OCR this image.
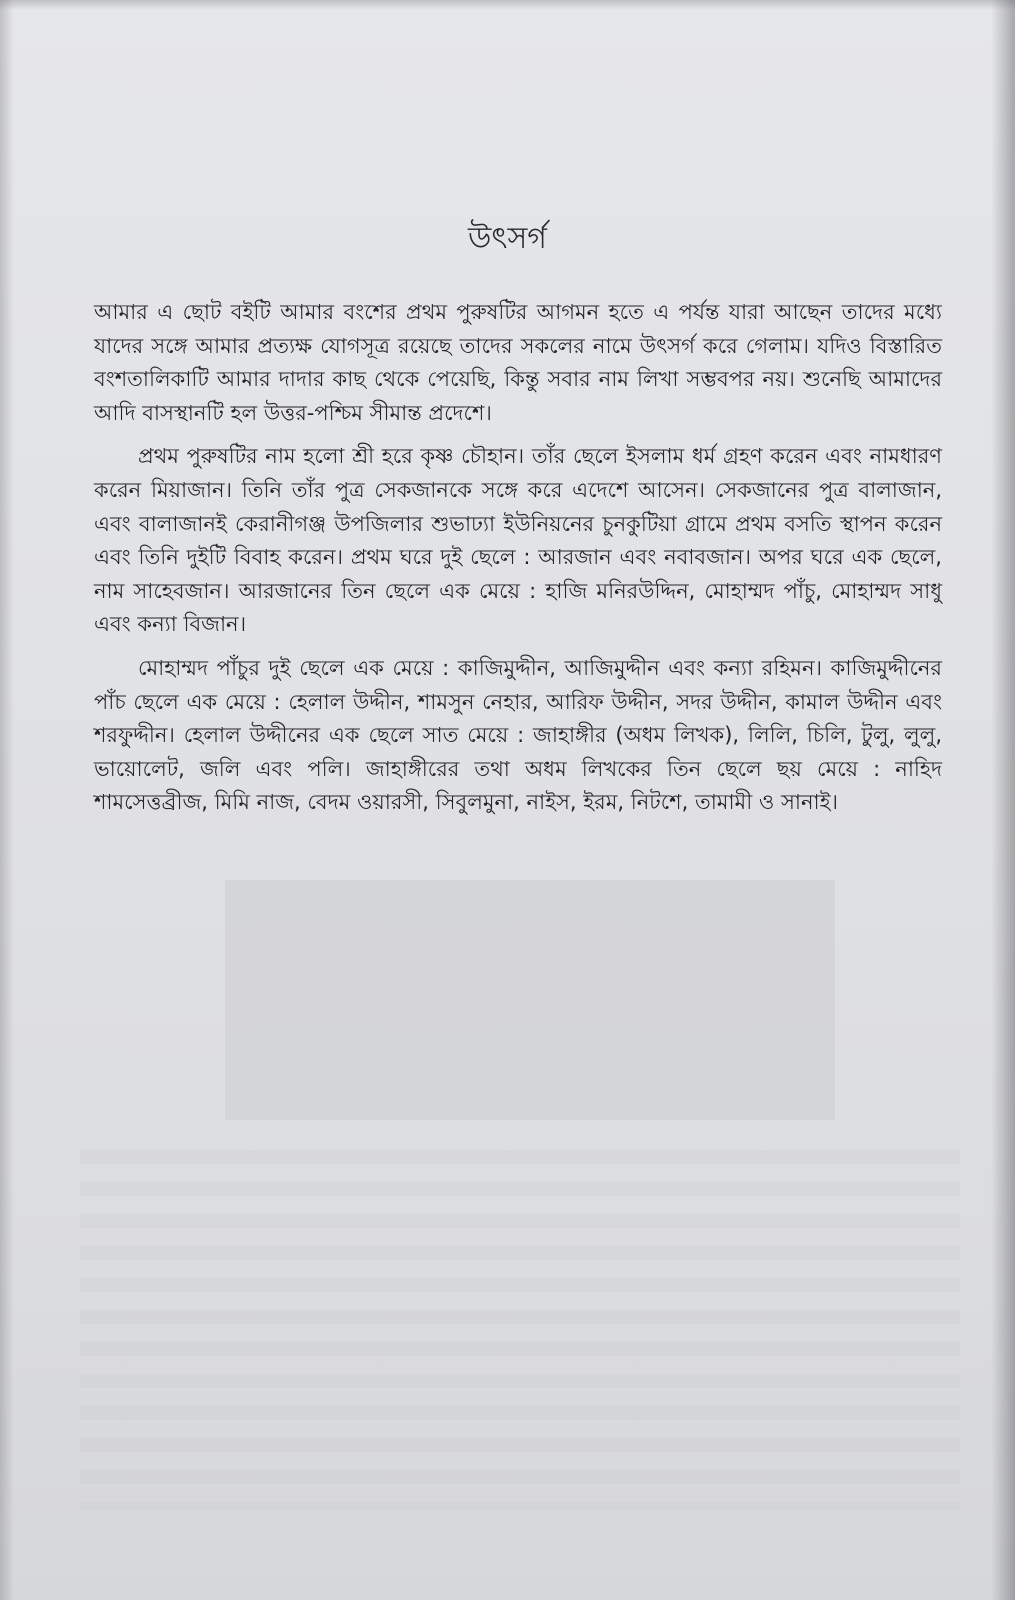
উৎসর্গ

আমার এ ছোট বইটি আমার বংশের প্রথম পুরুষটির আগমন হতে এ পর্যন্ত যারা আছেন তাদের মধ্যে যাদের সঙ্গে আমার প্রত্যক্ষ যোগসূত্র রয়েছে তাদের সকলের নামে উৎসর্গ করে গেলাম। যদিও বিস্তারিত বংশতালিকাটি আমার দাদার কাছ থেকে পেয়েছি, কিন্তু সবার নাম লিখা সম্ভবপর নয়। শুনেছি আমাদের আদি বাসস্থানটি হল উত্তর-পশ্চিম সীমান্ত প্রদেশে।

প্রথম পুরুষটির নাম হলো শ্রী হরে কৃষ্ণ চৌহান। তাঁর ছেলে ইসলাম ধর্ম গ্রহণ করেন এবং নামধারণ করেন মিয়াজান। তিনি তাঁর পুত্র সেকজানকে সঙ্গে করে এদেশে আসেন। সেকজানের পুত্র বালাজান, এবং বালাজানই কেরানীগঞ্জ উপজিলার শুভাঢ্যা ইউনিয়নের চুনকুটিয়া গ্রামে প্রথম বসতি স্থাপন করেন এবং তিনি দুইটি বিবাহ করেন। প্রথম ঘরে দুই ছেলে : আরজান এবং নবাবজান। অপর ঘরে এক ছেলে, নাম সাহেবজান। আরজানের তিন ছেলে এক মেয়ে : হাজি মনিরউদ্দিন, মোহাম্মদ পাঁচু, মোহাম্মদ সাধু এবং কন্যা বিজান।

মোহাম্মদ পাঁচুর দুই ছেলে এক মেয়ে : কাজিমুদ্দীন, আজিমুদ্দীন এবং কন্যা রহিমন। কাজিমুদ্দীনের পাঁচ ছেলে এক মেয়ে : হেলাল উদ্দীন, শামসুন নেহার, আরিফ উদ্দীন, সদর উদ্দীন, কামাল উদ্দীন এবং শরফুদ্দীন। হেলাল উদ্দীনের এক ছেলে সাত মেয়ে : জাহাঙ্গীর (অধম লিখক), লিলি, চিলি, টুলু, লুলু, ভায়োলেট, জলি এবং পলি। জাহাঙ্গীরের তথা অধম লিখকের তিন ছেলে ছয় মেয়ে : নাহিদ শামসেত্তব্রীজ, মিমি নাজ, বেদম ওয়ারসী, সিবুলমুনা, নাইস, ইরম, নিটশে, তামামী ও সানাই।
